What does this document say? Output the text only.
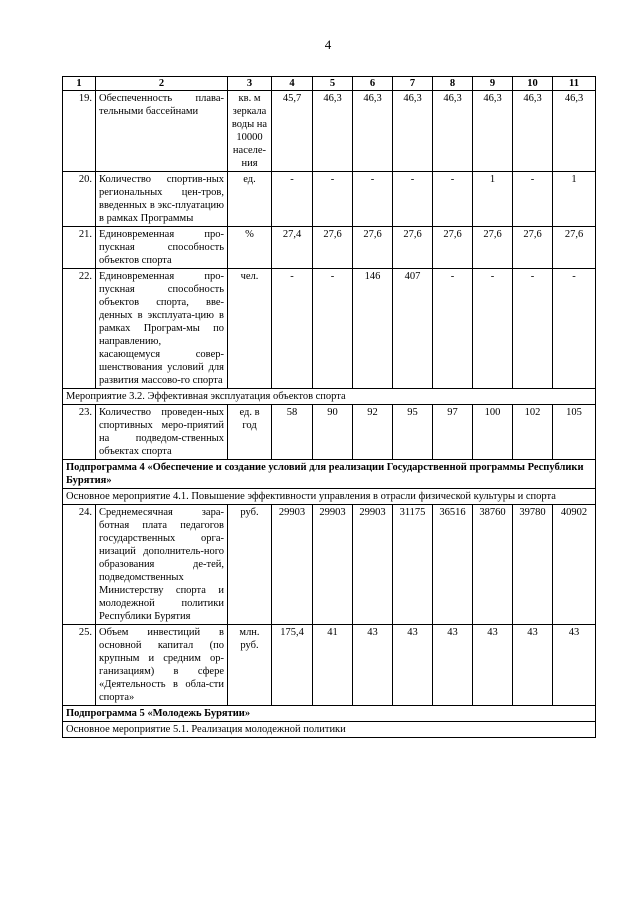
4
1	2	3	4	5	6	7	8	9	10	11
19.	Обеспеченность плава-тельными бассейнами	кв. м зеркала воды на 10000 населе-ния	45,7	46,3	46,3	46,3	46,3	46,3	46,3	46,3
20.	Количество спортив-ных региональных цен-тров, введенных в экс-плуатацию в рамках Программы	ед.	-	-	-	-	-	1	-	1
21.	Единовременная про-пускная способность объектов спорта	%	27,4	27,6	27,6	27,6	27,6	27,6	27,6	27,6
22.	Единовременная про-пускная способность объектов спорта, вве-денных в эксплуата-цию в рамках Програм-мы по направлению, касающемуся совер-шенствования условий для развития массово-го спорта	чел.	-	-	146	407	-	-	-	-
Мероприятие 3.2. Эффективная эксплуатация объектов спорта										
23.	Количество проведен-ных спортивных меро-приятий на подведом-ственных объектах спорта	ед. в год	58	90	92	95	97	100	102	105
Подпрограмма 4 «Обеспечение и создание условий для реализации Государственной программы Республики Бурятия»										
Основное мероприятие 4.1. Повышение эффективности управления в отрасли физической культуры и спорта										
24.	Среднемесячная зара-ботная плата педагогов государственных орга-низаций дополнитель-ного образования де-тей, подведомственных Министерству спорта и молодежной политики Республики Бурятия	руб.	29903	29903	29903	31175	36516	38760	39780	40902
25.	Объем инвестиций в основной капитал (по крупным и средним ор-ганизациям) в сфере «Деятельность в обла-сти спорта»	млн. руб.	175,4	41	43	43	43	43	43	43
Подпрограмма 5 «Молодежь Бурятии»										
Основное мероприятие 5.1. Реализация молодежной политики										
